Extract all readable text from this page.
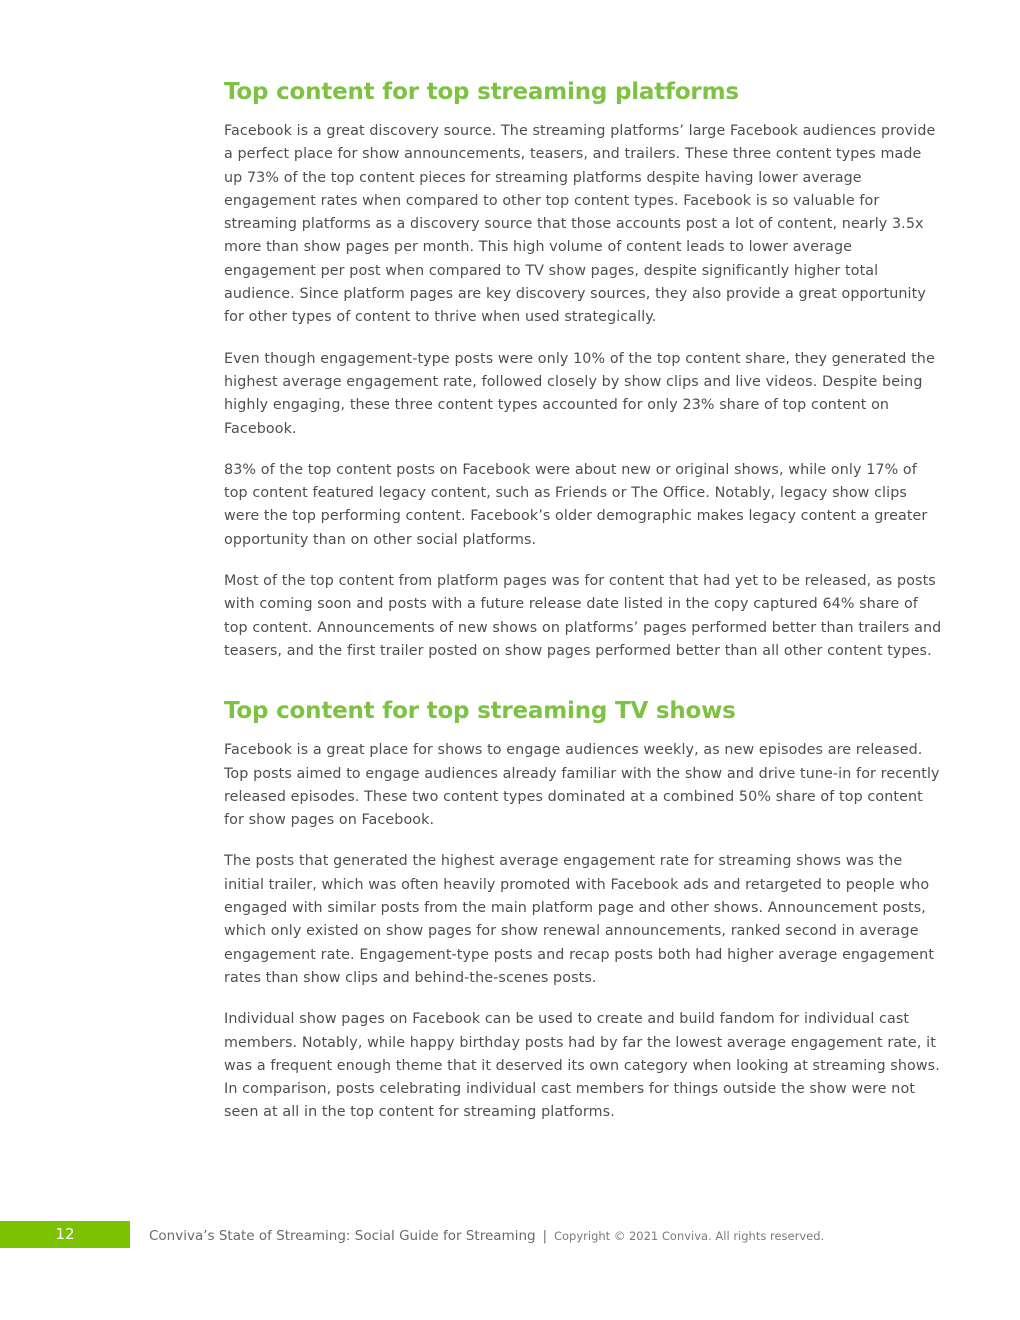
Top content for top streaming platforms

Facebook is a great discovery source. The streaming platforms’ large Facebook audiences provide a perfect place for show announcements, teasers, and trailers. These three content types made up 73% of the top content pieces for streaming platforms despite having lower average engagement rates when compared to other top content types. Facebook is so valuable for streaming platforms as a discovery source that those accounts post a lot of content, nearly 3.5x more than show pages per month. This high volume of content leads to lower average engagement per post when compared to TV show pages, despite significantly higher total audience. Since platform pages are key discovery sources, they also provide a great opportunity for other types of content to thrive when used strategically.

Even though engagement-type posts were only 10% of the top content share, they generated the highest average engagement rate, followed closely by show clips and live videos. Despite being highly engaging, these three content types accounted for only 23% share of top content on Facebook.

83% of the top content posts on Facebook were about new or original shows, while only 17% of top content featured legacy content, such as Friends or The Office. Notably, legacy show clips were the top performing content. Facebook’s older demographic makes legacy content a greater opportunity than on other social platforms.

Most of the top content from platform pages was for content that had yet to be released, as posts with coming soon and posts with a future release date listed in the copy captured 64% share of top content. Announcements of new shows on platforms’ pages performed better than trailers and teasers, and the first trailer posted on show pages performed better than all other content types.

Top content for top streaming TV shows

Facebook is a great place for shows to engage audiences weekly, as new episodes are released. Top posts aimed to engage audiences already familiar with the show and drive tune-in for recently released episodes. These two content types dominated at a combined 50% share of top content for show pages on Facebook.

The posts that generated the highest average engagement rate for streaming shows was the initial trailer, which was often heavily promoted with Facebook ads and retargeted to people who engaged with similar posts from the main platform page and other shows. Announcement posts, which only existed on show pages for show renewal announcements, ranked second in average engagement rate. Engagement-type posts and recap posts both had higher average engagement rates than show clips and behind-the-scenes posts.

Individual show pages on Facebook can be used to create and build fandom for individual cast members. Notably, while happy birthday posts had by far the lowest average engagement rate, it was a frequent enough theme that it deserved its own category when looking at streaming shows. In comparison, posts celebrating individual cast members for things outside the show were not seen at all in the top content for streaming platforms.

12	Conviva’s State of Streaming: Social Guide for Streaming | Copyright © 2021 Conviva. All rights reserved.
